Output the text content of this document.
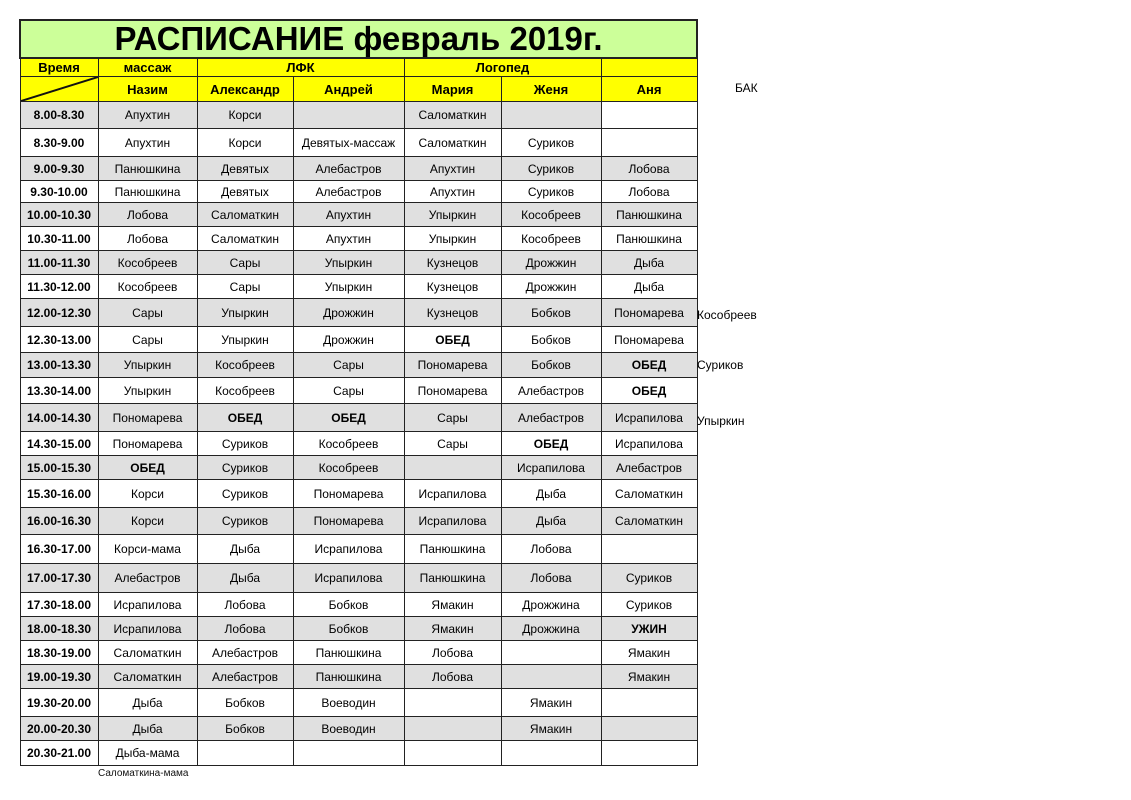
РАСПИСАНИЕ февраль 2019г.						
Время	массаж	ЛФК		Логопед		

	Назим	Александр	Андрей	Мария	Женя	Аня
8.00-8.30	Апухтин	Корси		Саломаткин		
8.30-9.00	Апухтин	Корси	Девятых-массаж	Саломаткин	Суриков	
9.00-9.30	Панюшкина	Девятых	Алебастров	Апухтин	Суриков	Лобова
9.30-10.00	Панюшкина	Девятых	Алебастров	Апухтин	Суриков	Лобова
10.00-10.30	Лобова	Саломаткин	Апухтин	Упыркин	Кособреев	Панюшкина
10.30-11.00	Лобова	Саломаткин	Апухтин	Упыркин	Кособреев	Панюшкина
11.00-11.30	Кособреев	Сары	Упыркин	Кузнецов	Дрожжин	Дыба
11.30-12.00	Кособреев	Сары	Упыркин	Кузнецов	Дрожжин	Дыба
12.00-12.30	Сары	Упыркин	Дрожжин	Кузнецов	Бобков	Пономарева
12.30-13.00	Сары	Упыркин	Дрожжин	ОБЕД	Бобков	Пономарева
13.00-13.30	Упыркин	Кособреев	Сары	Пономарева	Бобков	ОБЕД
13.30-14.00	Упыркин	Кособреев	Сары	Пономарева	Алебастров	ОБЕД
14.00-14.30	Пономарева	ОБЕД	ОБЕД	Сары	Алебастров	Исрапилова
14.30-15.00	Пономарева	Суриков	Кособреев	Сары	ОБЕД	Исрапилова
15.00-15.30	ОБЕД	Суриков	Кособреев		Исрапилова	Алебастров
15.30-16.00	Корси	Суриков	Пономарева	Исрапилова	Дыба	Саломаткин
16.00-16.30	Корси	Суриков	Пономарева	Исрапилова	Дыба	Саломаткин
16.30-17.00	Корси-мама	Дыба	Исрапилова	Панюшкина	Лобова	
17.00-17.30	Алебастров	Дыба	Исрапилова	Панюшкина	Лобова	Суриков
17.30-18.00	Исрапилова	Лобова	Бобков	Ямакин	Дрожжина	Суриков
18.00-18.30	Исрапилова	Лобова	Бобков	Ямакин	Дрожжина	УЖИН
18.30-19.00	Саломаткин	Алебастров	Панюшкина	Лобова		Ямакин
19.00-19.30	Саломаткин	Алебастров	Панюшкина	Лобова		Ямакин
19.30-20.00	Дыба	Бобков	Воеводин		Ямакин	
20.00-20.30	Дыба	Бобков	Воеводин		Ямакин	
20.30-21.00	Дыба-мама					
БАК
Кособреев
Суриков
Упыркин
Саломаткина-мама
